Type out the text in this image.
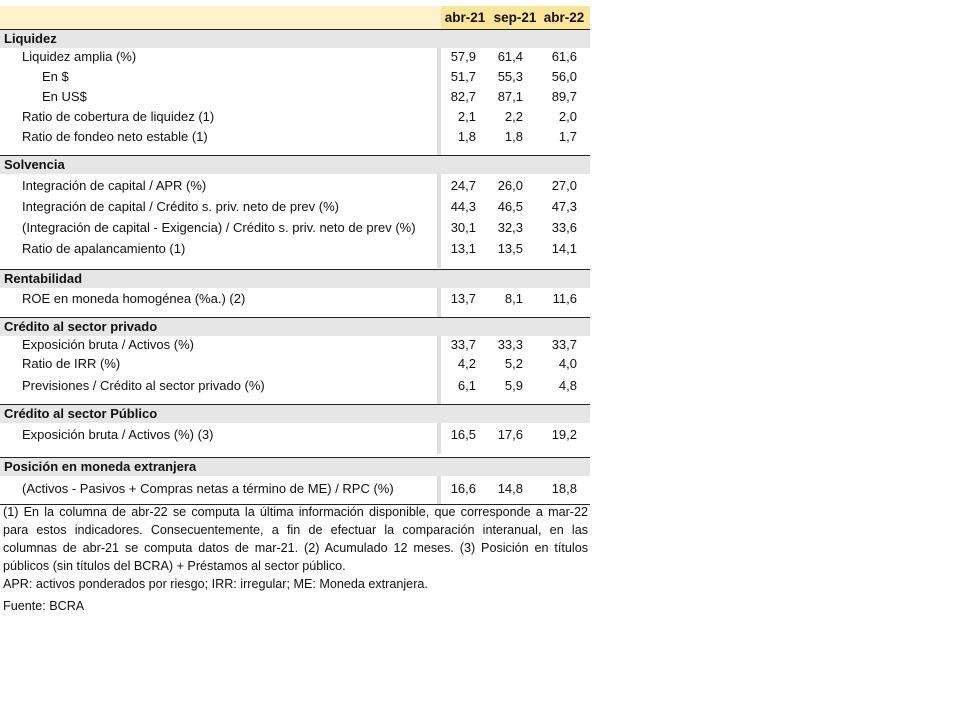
abr-21 sep-21 abr-22
Liquidez
Liquidez amplia (%)	57,9	61,4	61,6
En $	51,7	55,3	56,0
En US$	82,7	87,1	89,7
Ratio de cobertura de liquidez (1)	2,1	2,2	2,0
Ratio de fondeo neto estable (1)	1,8	1,8	1,7
Solvencia
Integración de capital / APR (%)	24,7	26,0	27,0
Integración de capital / Crédito s. priv. neto de prev (%)	44,3	46,5	47,3
(Integración de capital - Exigencia) / Crédito s. priv. neto de prev (%)	30,1	32,3	33,6
Ratio de apalancamiento (1)	13,1	13,5	14,1
Rentabilidad
ROE en moneda homogénea (%a.) (2)	13,7	8,1	11,6
Crédito al sector privado
Exposición bruta / Activos (%)	33,7	33,3	33,7
Ratio de IRR (%)	4,2	5,2	4,0
Previsiones / Crédito al sector privado (%)	6,1	5,9	4,8
Crédito al sector Público
Exposición bruta / Activos (%) (3)	16,5	17,6	19,2
Posición en moneda extranjera
(Activos - Pasivos + Compras netas a término de ME) / RPC (%)	16,6	14,8	18,8
(1) En la columna de abr-22 se computa la última información disponible, que corresponde a mar-22 para estos indicadores. Consecuentemente, a fin de efectuar la comparación interanual, en las columnas de abr-21 se computa datos de mar-21. (2) Acumulado 12 meses. (3) Posición en títulos públicos (sin títulos del BCRA) + Préstamos al sector público.
APR: activos ponderados por riesgo; IRR: irregular; ME: Moneda extranjera.
Fuente: BCRA
